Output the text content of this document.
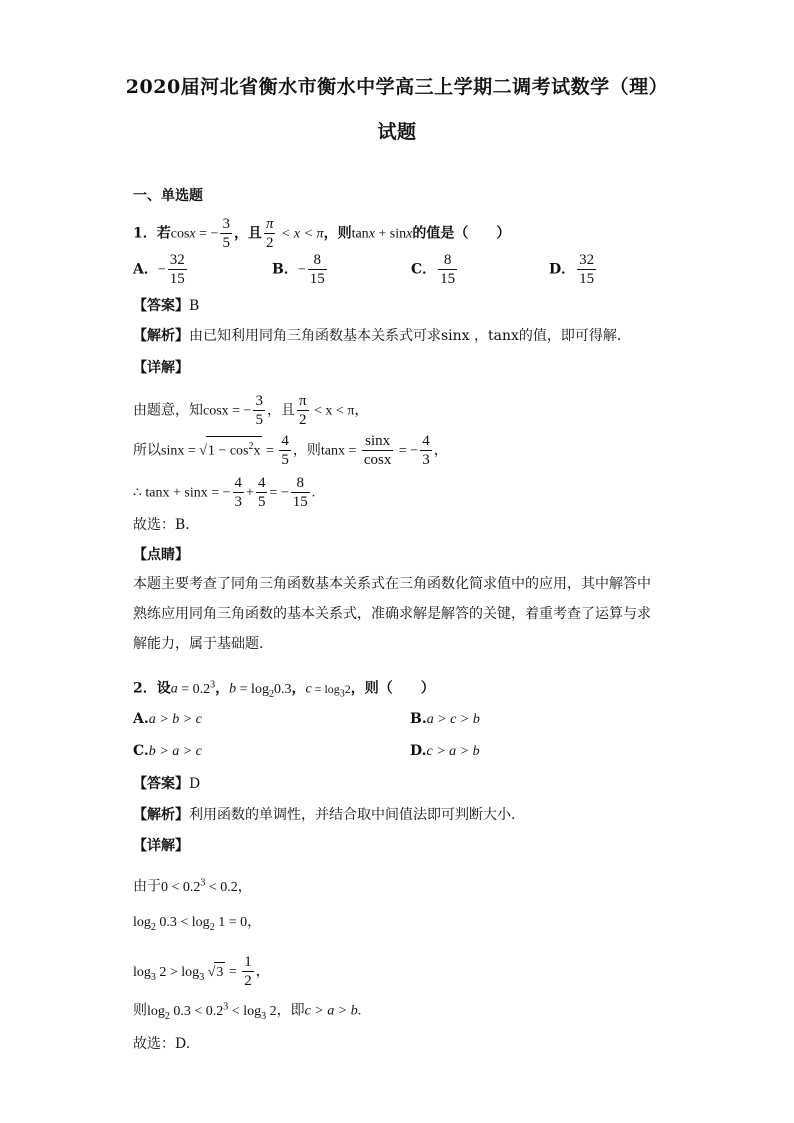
2020届河北省衡水市衡水中学高三上学期二调考试数学（理）
试题
一、单选题
1．若cosx = − $\frac{3}{5}$ ，且 $\frac{\pi}{2} < x < \pi$，则tanx + sinx的值是（　　）
A．− $\frac{32}{15}$	B．− $\frac{8}{15}$	C． $\frac{8}{15}$	D． $\frac{32}{15}$
【答案】B
【解析】由已知利用同角三角函数基本关系式可求sinx ，tanx的值，即可得解．
【详解】
由题意，知cosx = − $\frac{3}{5}$ ，且 $\frac{\pi}{2} < x < \pi$，
所以$\sin x = √1 - \cos^2x = \frac{4}{5}$ ，则$\tan x = \frac{\sin x}{\cos x}$ = − $\frac{4}{3}$ ，
∴ tanx + sinx = − $\frac{4}{3} + \frac{4}{5}$ = − $\frac{8}{15}$ .
故选：B．
【点睛】
本题主要考查了同角三角函数基本关系式在三角函数化简求值中的应用，其中解答中熟练应用同角三角函数的基本关系式，准确求解是解答的关键，着重考查了运算与求解能力，属于基础题.
2．设$a = 0.2^3$，$b = \log_20.3$，$c = \log_32$，则（　　）
A.a > b > c	B.a > c > b
C.b > a > c	D.c > a > b
【答案】D
【解析】利用函数的单调性，并结合取中间值法即可判断大小.
【详解】
由于$0 < 0.2^3 < 0.2$，
$\log_2 0.3 < \log_2 1 = 0$，
$\log_3 2 > \log_3 √3 = \frac{1}{2}$ ，
则$\log_2 0.3 < 0.2^3 < \log_3 2$，即c > a > b.
故选：D.
